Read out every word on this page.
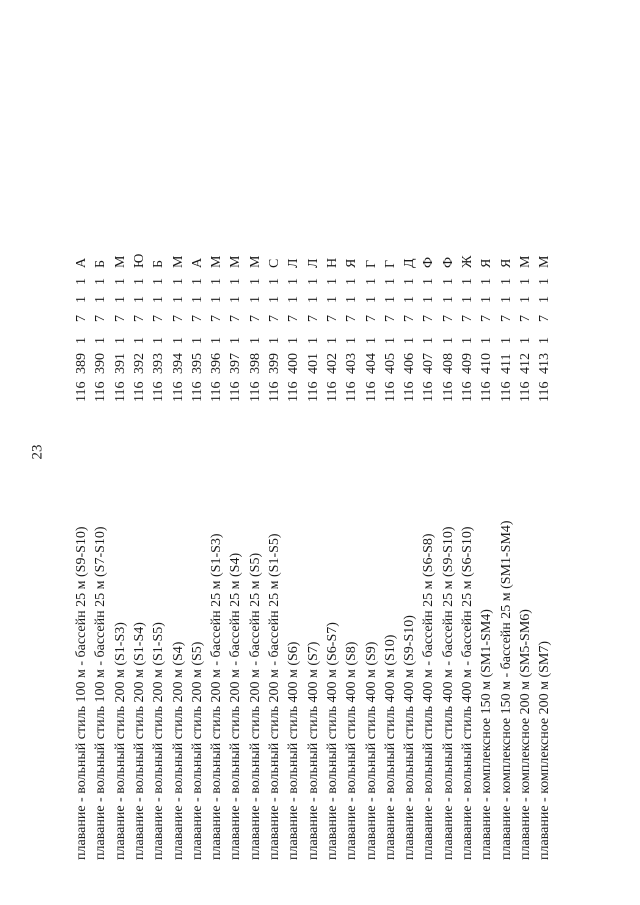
23
плавание - вольный стиль 100 м - бассейн 25 м (S9-S10)
116
389
1
7
1
1
А
плавание - вольный стиль 100 м - бассейн 25 м (S7-S10)
116
390
1
7
1
1
Б
плавание - вольный стиль 200 м (S1-S3)
116
391
1
7
1
1
М
плавание - вольный стиль 200 м (S1-S4)
116
392
1
7
1
1
Ю
плавание - вольный стиль 200 м (S1-S5)
116
393
1
7
1
1
Б
плавание - вольный стиль 200 м (S4)
116
394
1
7
1
1
М
плавание - вольный стиль 200 м (S5)
116
395
1
7
1
1
А
плавание - вольный стиль 200 м - бассейн 25 м (S1-S3)
116
396
1
7
1
1
М
плавание - вольный стиль 200 м - бассейн 25 м (S4)
116
397
1
7
1
1
М
плавание - вольный стиль 200 м - бассейн 25 м (S5)
116
398
1
7
1
1
М
плавание - вольный стиль 200 м - бассейн 25 м (S1-S5)
116
399
1
7
1
1
С
плавание - вольный стиль 400 м (S6)
116
400
1
7
1
1
Л
плавание - вольный стиль 400 м (S7)
116
401
1
7
1
1
Л
плавание - вольный стиль 400 м (S6-S7)
116
402
1
7
1
1
Н
плавание - вольный стиль 400 м (S8)
116
403
1
7
1
1
Я
плавание - вольный стиль 400 м (S9)
116
404
1
7
1
1
Г
плавание - вольный стиль 400 м (S10)
116
405
1
7
1
1
Г
плавание - вольный стиль 400 м (S9-S10)
116
406
1
7
1
1
Д
плавание - вольный стиль 400 м - бассейн 25 м (S6-S8)
116
407
1
7
1
1
Ф
плавание - вольный стиль 400 м - бассейн 25 м (S9-S10)
116
408
1
7
1
1
Ф
плавание - вольный стиль 400 м - бассейн 25 м (S6-S10)
116
409
1
7
1
1
Ж
плавание - комплексное 150 м (SM1-SM4)
116
410
1
7
1
1
Я
плавание - комплексное 150 м - бассейн 25 м (SM1-SM4)
116
411
1
7
1
1
Я
плавание - комплексное 200 м (SM5-SM6)
116
412
1
7
1
1
М
плавание - комплексное 200 м (SM7)
116
413
1
7
1
1
М
